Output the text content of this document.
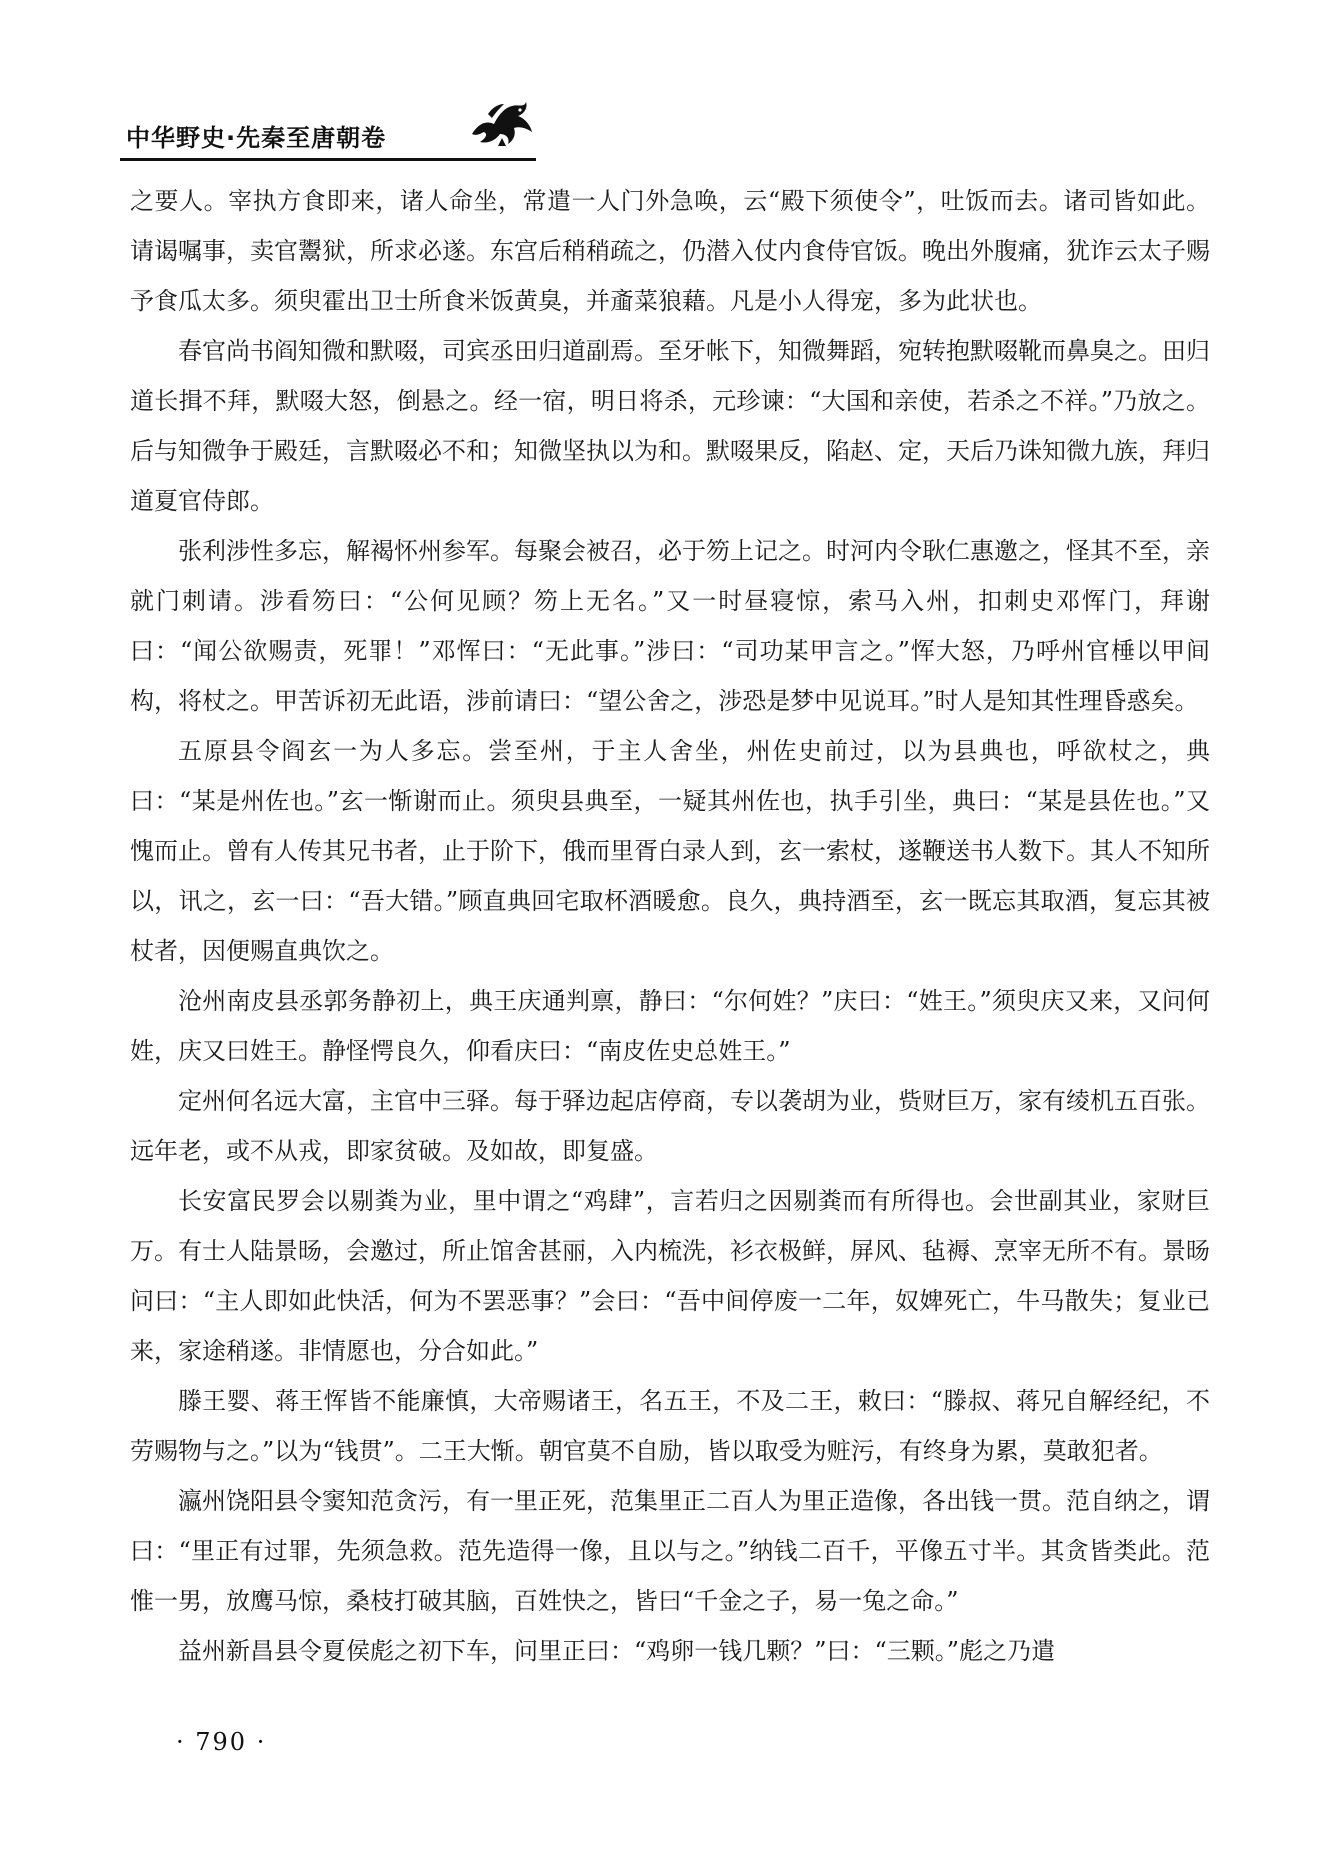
中华野史·先秦至唐朝卷

之要人。宰执方食即来，诸人命坐，常遣一人门外急唤，云“殿下须使令”，吐饭而去。诸司皆如此。请谒嘱事，卖官鬻狱，所求必遂。东宫后稍稍疏之，仍潜入仗内食侍官饭。晚出外腹痛，犹诈云太子赐予食瓜太多。须臾霍出卫士所食米饭黄臭，并齑菜狼藉。凡是小人得宠，多为此状也。

春官尚书阎知微和默啜，司宾丞田归道副焉。至牙帐下，知微舞蹈，宛转抱默啜靴而鼻臭之。田归道长揖不拜，默啜大怒，倒悬之。经一宿，明日将杀，元珍谏：“大国和亲使，若杀之不祥。”乃放之。后与知微争于殿廷，言默啜必不和；知微坚执以为和。默啜果反，陷赵、定，天后乃诛知微九族，拜归道夏官侍郎。

张利涉性多忘，解褐怀州参军。每聚会被召，必于笏上记之。时河内令耿仁惠邀之，怪其不至，亲就门刺请。涉看笏曰：“公何见顾？笏上无名。”又一时昼寝惊，索马入州，扣刺史邓恽门，拜谢曰：“闻公欲赐责，死罪！”邓恽曰：“无此事。”涉曰：“司功某甲言之。”恽大怒，乃呼州官棰以甲间构，将杖之。甲苦诉初无此语，涉前请曰：“望公舍之，涉恐是梦中见说耳。”时人是知其性理昏惑矣。

五原县令阎玄一为人多忘。尝至州，于主人舍坐，州佐史前过，以为县典也，呼欲杖之，典曰：“某是州佐也。”玄一惭谢而止。须臾县典至，一疑其州佐也，执手引坐，典曰：“某是县佐也。”又愧而止。曾有人传其兄书者，止于阶下，俄而里胥白录人到，玄一索杖，遂鞭送书人数下。其人不知所以，讯之，玄一曰：“吾大错。”顾直典回宅取杯酒暖愈。良久，典持酒至，玄一既忘其取酒，复忘其被杖者，因便赐直典饮之。

沧州南皮县丞郭务静初上，典王庆通判禀，静曰：“尔何姓？”庆曰：“姓王。”须臾庆又来，又问何姓，庆又曰姓王。静怪愕良久，仰看庆曰：“南皮佐史总姓王。”

定州何名远大富，主官中三驿。每于驿边起店停商，专以袭胡为业，赀财巨万，家有绫机五百张。远年老，或不从戎，即家贫破。及如故，即复盛。

长安富民罗会以剔粪为业，里中谓之“鸡肆”，言若归之因剔粪而有所得也。会世副其业，家财巨万。有士人陆景旸，会邀过，所止馆舍甚丽，入内梳洗，衫衣极鲜，屏风、毡褥、烹宰无所不有。景旸问曰：“主人即如此快活，何为不罢恶事？”会曰：“吾中间停废一二年，奴婢死亡，牛马散失；复业已来，家途稍遂。非情愿也，分合如此。”

滕王婴、蒋王恽皆不能廉慎，大帝赐诸王，名五王，不及二王，敕曰：“滕叔、蒋兄自解经纪，不劳赐物与之。”以为“钱贯”。二王大惭。朝官莫不自励，皆以取受为赃污，有终身为累，莫敢犯者。

瀛州饶阳县令窦知范贪污，有一里正死，范集里正二百人为里正造像，各出钱一贯。范自纳之，谓曰：“里正有过罪，先须急救。范先造得一像，且以与之。”纳钱二百千，平像五寸半。其贪皆类此。范惟一男，放鹰马惊，桑枝打破其脑，百姓快之，皆曰“千金之子，易一兔之命。”

益州新昌县令夏侯彪之初下车，问里正曰：“鸡卵一钱几颗？”曰：“三颗。”彪之乃遣

· 790 ·
